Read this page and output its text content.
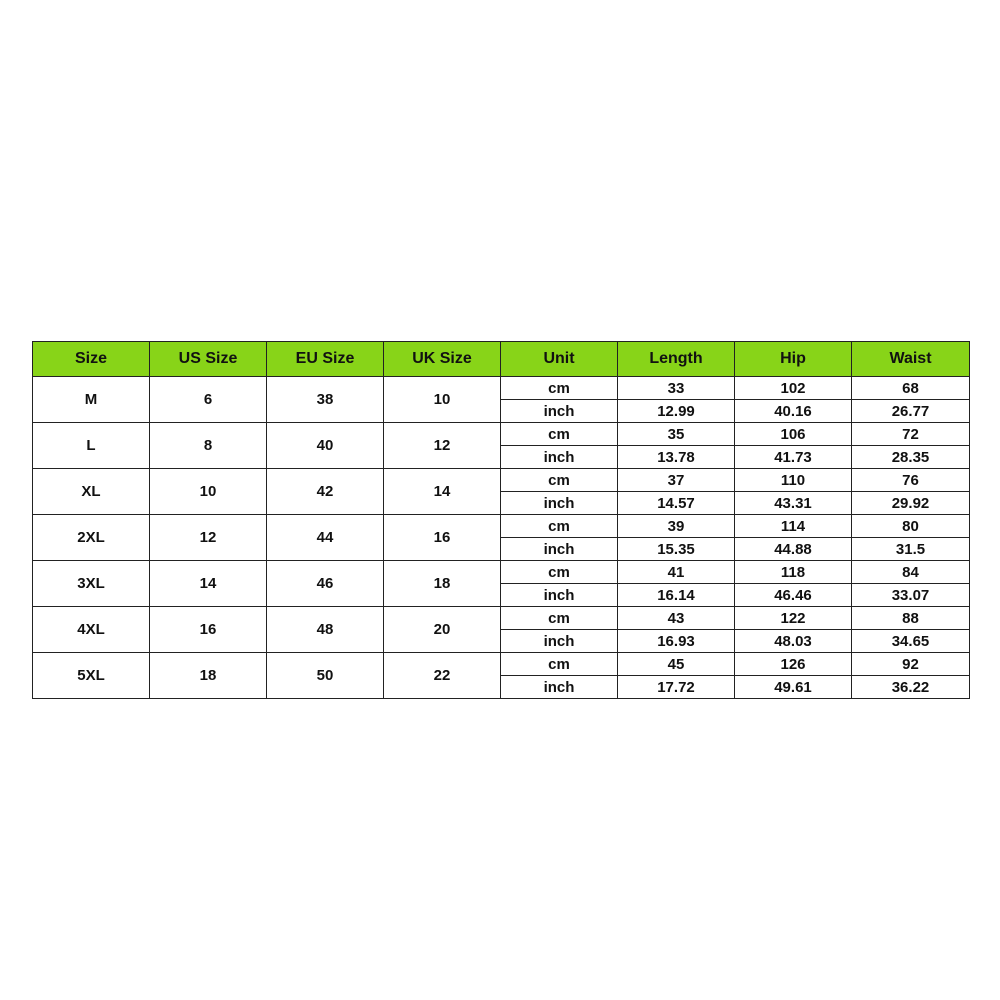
Size	US Size	EU Size	UK Size	Unit	Length	Hip	Waist
M	6	38	10	cm	33	102	68
				inch	12.99	40.16	26.77
L	8	40	12	cm	35	106	72
				inch	13.78	41.73	28.35
XL	10	42	14	cm	37	110	76
				inch	14.57	43.31	29.92
2XL	12	44	16	cm	39	114	80
				inch	15.35	44.88	31.5
3XL	14	46	18	cm	41	118	84
				inch	16.14	46.46	33.07
4XL	16	48	20	cm	43	122	88
				inch	16.93	48.03	34.65
5XL	18	50	22	cm	45	126	92
				inch	17.72	49.61	36.22
